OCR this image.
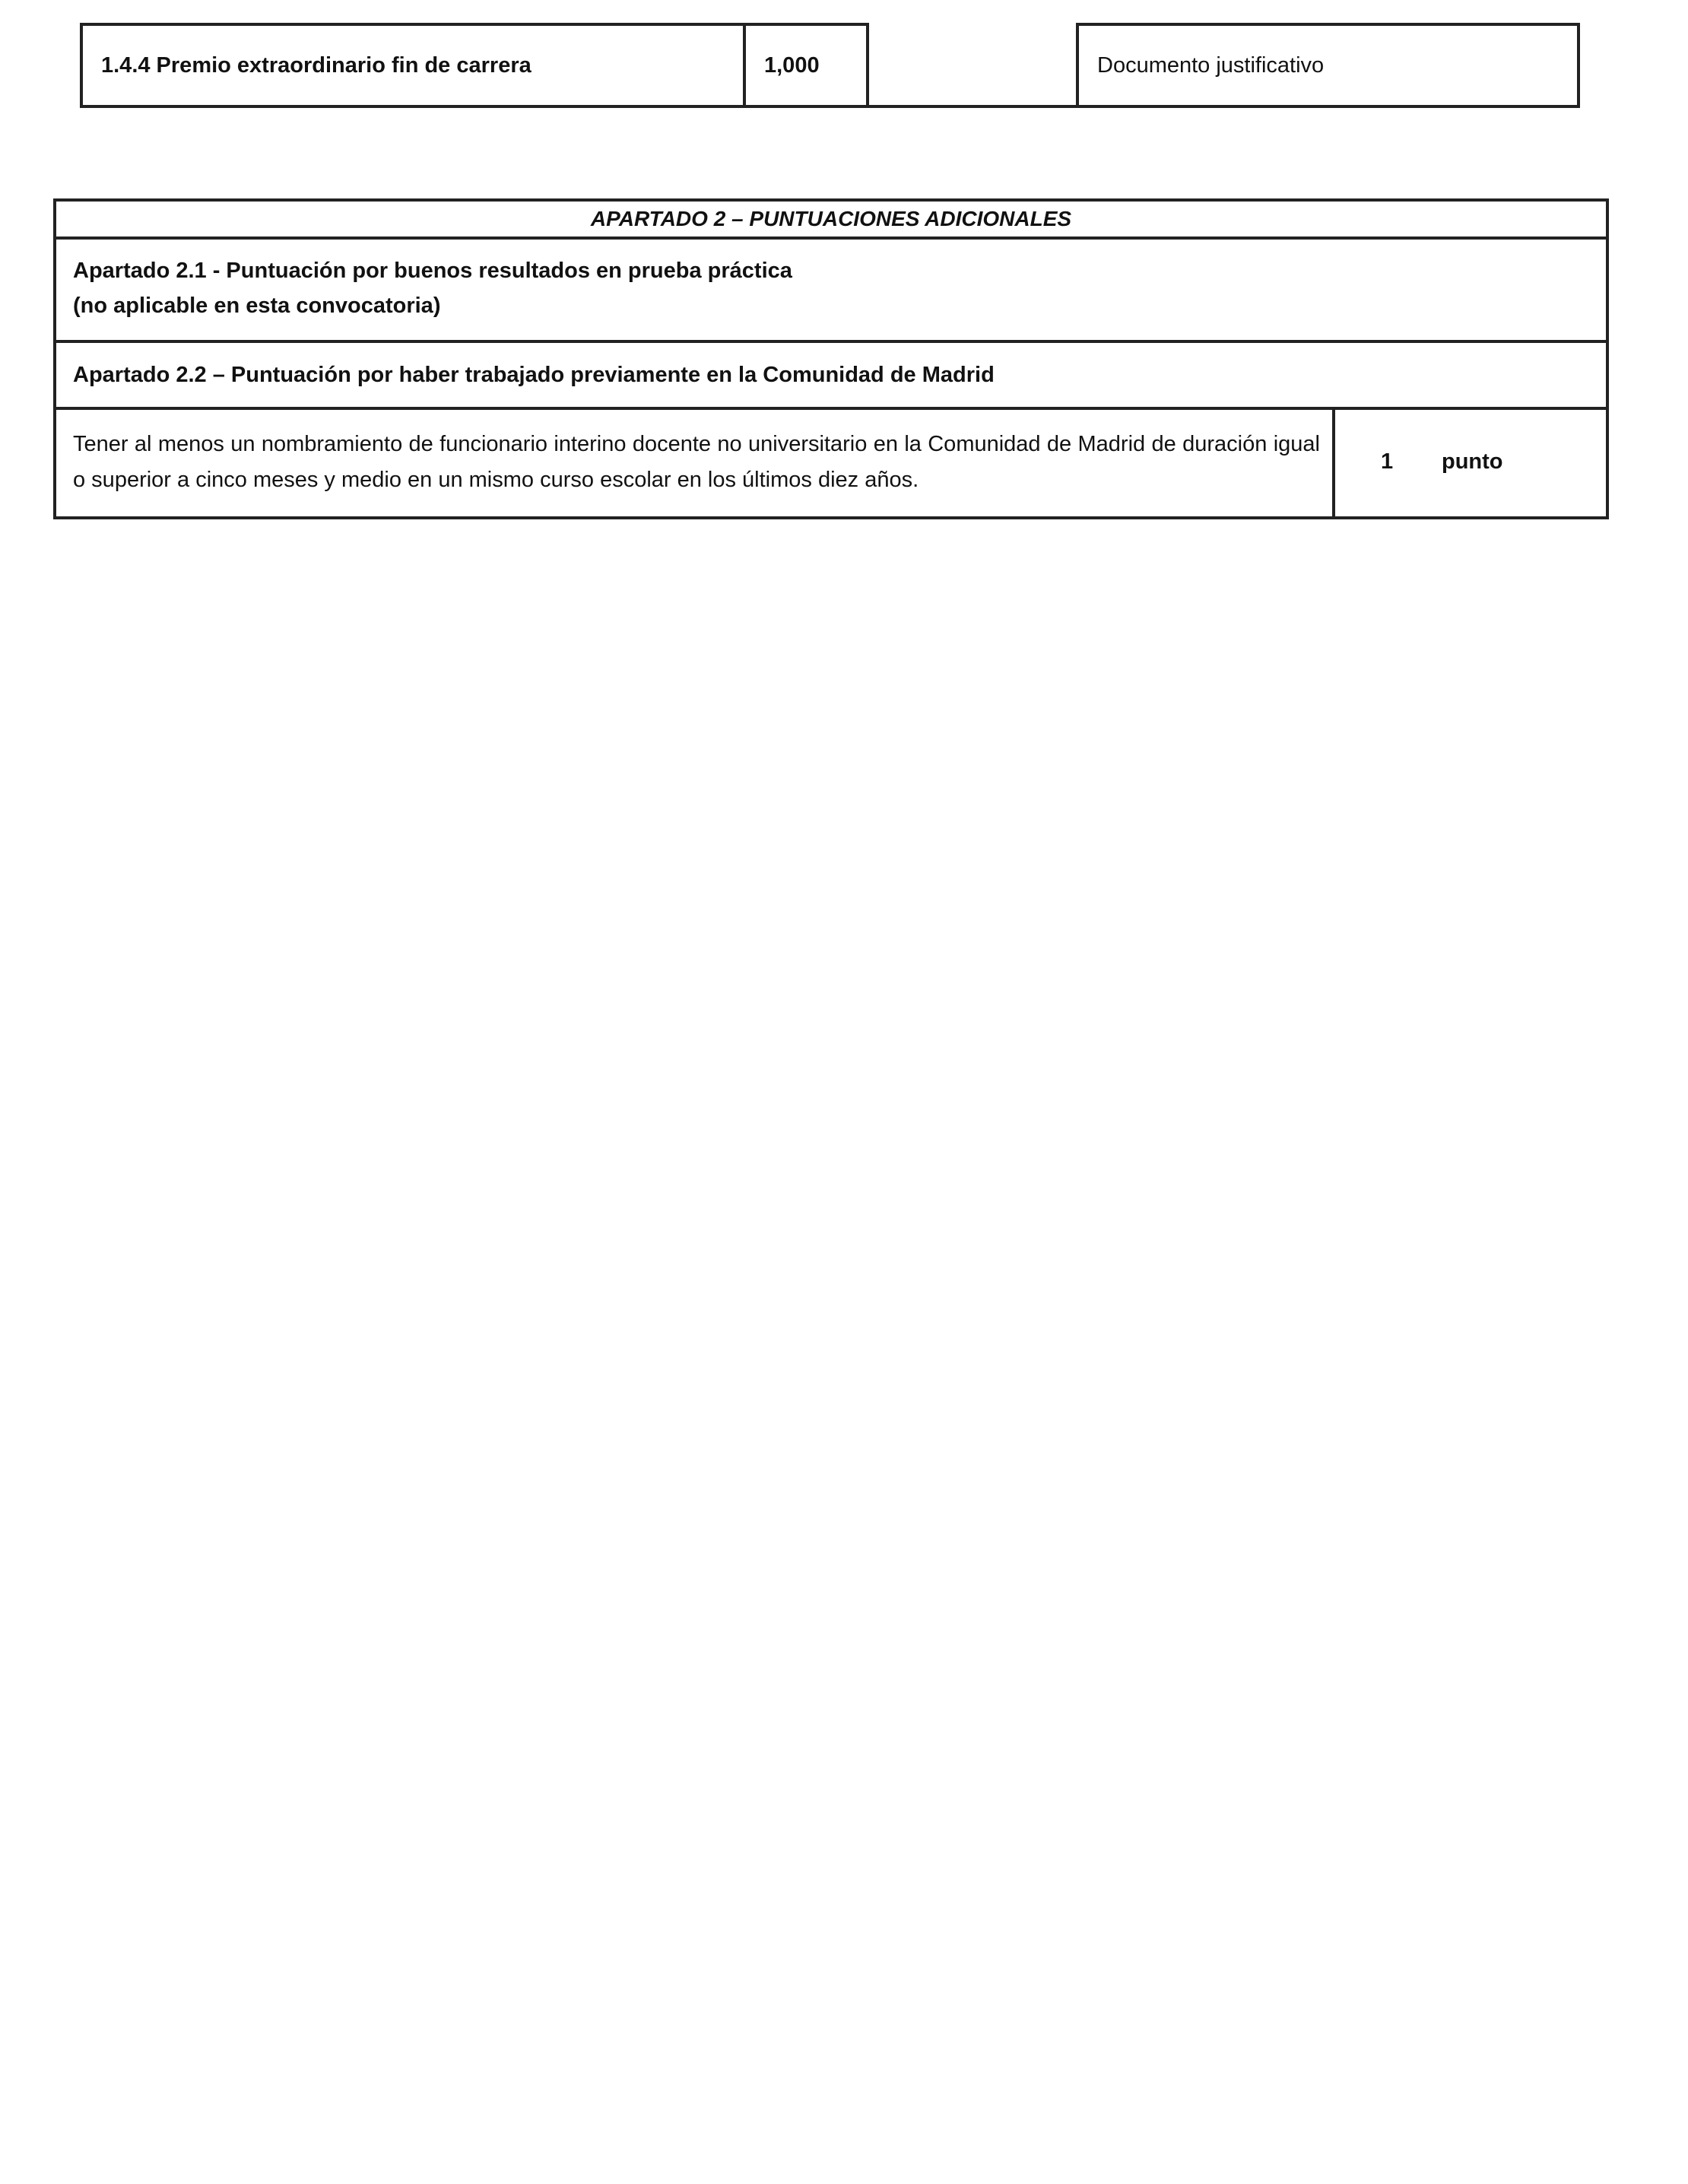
1.4.4 Premio extraordinario fin de carrera	1,000	Documento justificativo
APARTADO 2 – PUNTUACIONES ADICIONALES
Apartado 2.1 - Puntuación por buenos resultados en prueba práctica
(no aplicable en esta convocatoria)
Apartado 2.2 – Puntuación por haber trabajado previamente en la Comunidad de Madrid
Tener al menos un nombramiento de funcionario interino docente no universitario en la Comunidad de Madrid de duración igual o superior a cinco meses y medio en un mismo curso escolar en los últimos diez años.
1 punto
